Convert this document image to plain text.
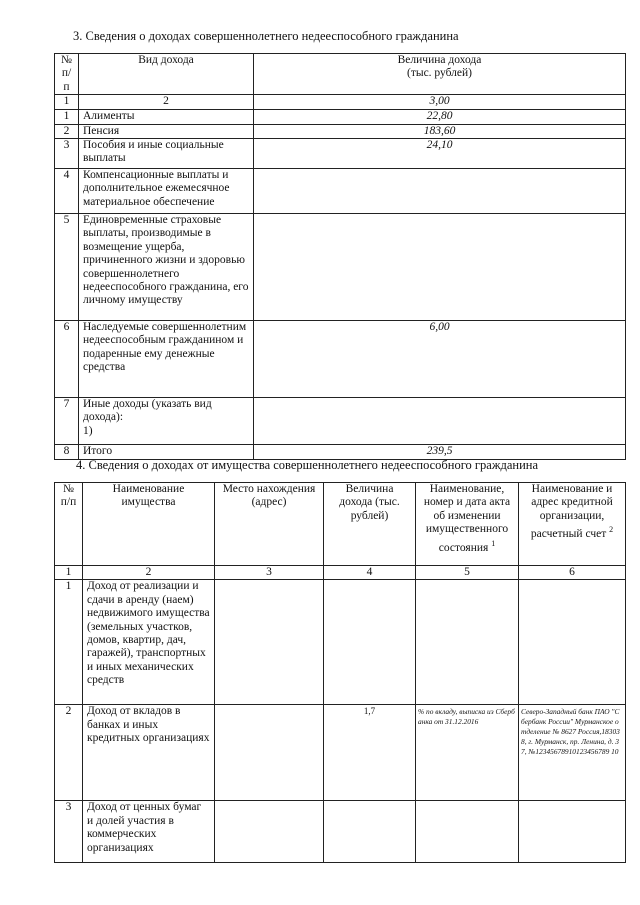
3. Сведения о доходах совершеннолетнего недееспособного гражданина
№ п/п	Вид дохода	Величина дохода
(тыс. рублей)

1	2	3,00
1	Алименты	22,80
2	Пенсия	183,60
3	Пособия и иные социальные выплаты	24,10
4	Компенсационные выплаты и дополнительное ежемесячное материальное обеспечение	
5	Единовременные страховые выплаты, производимые в возмещение ущерба, причиненного жизни и здоровью совершеннолетнего недееспособного гражданина, его личному имуществу	
6	Наследуемые совершеннолетним недееспособным гражданином и подаренные ему денежные средства	6,00
7	Иные доходы (указать вид дохода):
1)	

8	Итого	239,5
4. Сведения о доходах от имущества совершеннолетнего недееспособного гражданина
№ п/п	Наименование имущества	Место нахождения (адрес)	Величина дохода (тыс. рублей)	Наименование, номер и дата акта об изменении имущественного состояния $^1$	Наименование и адрес кредитной организации, расчетный счет $^2$
1	2	3	4	5	6
1	Доход от реализации и сдачи в аренду (наем) недвижимого имущества (земельных участков, домов, квартир, дач, гаражей), транспортных и иных механических средств				
2	Доход от вкладов в банках и иных кредитных организациях		1,7	% по вкладу, выписка из Сбербанка от 31.12.2016	Северо-Западный банк ПАО "Сбербанк России" Мурманское отделение № 8627 Россия,183038, г. Мурманск, пр. Ленина, д. 37, №12345678910123456789 10
3	Доход от ценных бумаг и долей участия в коммерческих организациях				
